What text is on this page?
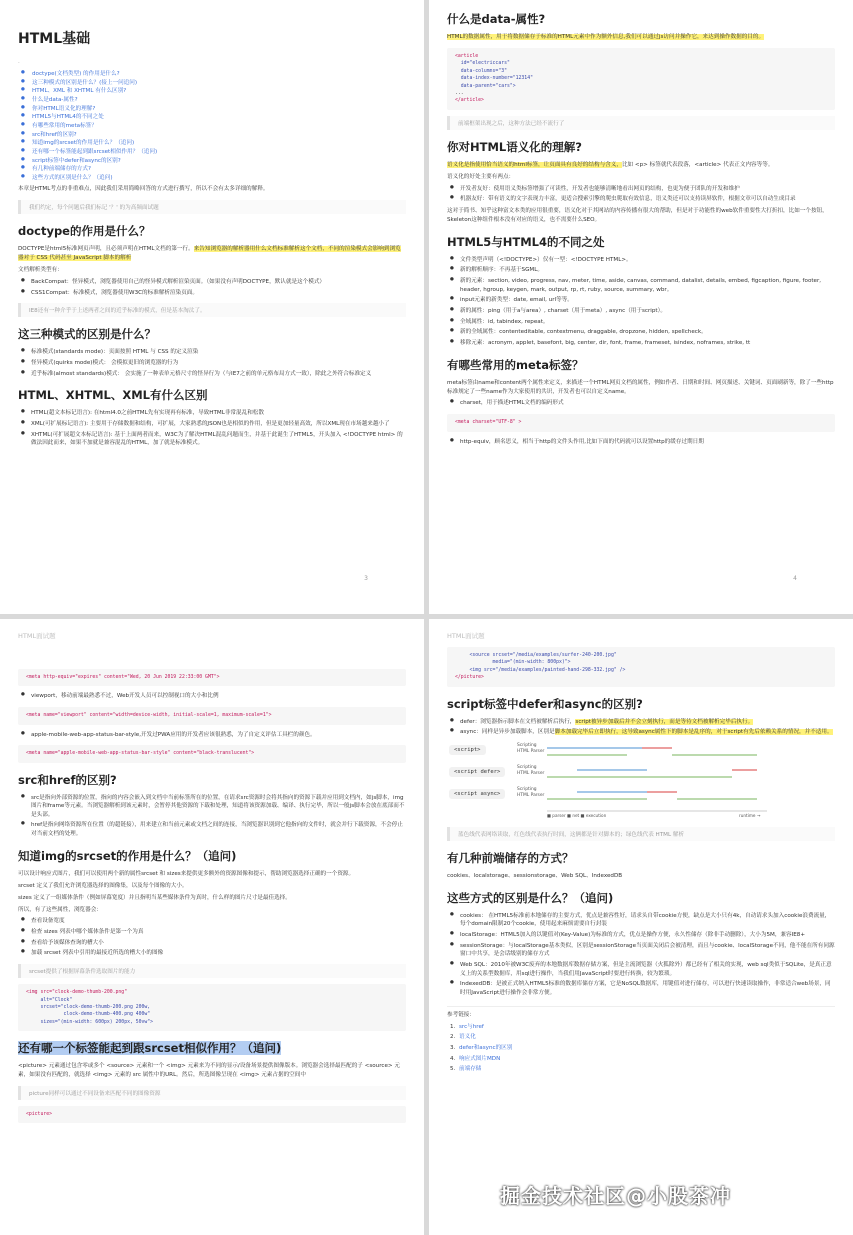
HTML基础

.

● doctype(文档类型) 的作用是什么?
● 这三种模式的区别是什么？(接上一问追问)
● HTML、XML 和 XHTML 有什么区别?
● 什么是data-属性?
● 你对HTML语义化的理解?
● HTML5与HTML4的不同之处
● 有哪些常用的meta标签？
● src和href的区别?
● 知道img的srcset的作用是什么？（追问)
● 还有哪一个标签能起到跟srcset相似作用？（追问)
● script标签中defer和async的区别?
● 有几种前端储存的方式?
● 这些方式的区别是什么？（追问)

本章是HTML考点的非重难点，因此我们采用简略回答的方式进行撰写，所以不会有太多详细的解释。

我们约定，每个问题后我们标记 '？' 的为高频面试题
doctype的作用是什么？

DOCTYPE是html5标准网页声明，且必须声明在HTML文档的第一行。来告知浏览器的解析器用什么文档标准解析这个文档，不同的渲染模式会影响到浏览器对于 CSS 代码甚至 JavaScript 脚本的解析

文档解析类型有：

● BackCompat：怪异模式，浏览器使用自己的怪异模式解析渲染页面。（如果没有声明DOCTYPE，默认就是这个模式）
● CSS1Compat：标准模式，浏览器使用W3C的标准解析渲染页面。
IE8还有一种介乎于上述两者之间的近乎标准的模式，但是基本淘汰了。
这三种模式的区别是什么？
● 标准模式(standards mode)：页面按照 HTML 与 CSS 的定义渲染
● 怪异模式(quirks mode)模式： 会模拟更旧的浏览器的行为
● 近乎标准(almost standards)模式： 会实施了一种表单元格尺寸的怪异行为（与IE7之前的单元格布局方式一致），除此之外符合标准定义
HTML、XHTML、XML有什么区别
● HTML(超文本标记语言): 在html4.0之前HTML先有实现再有标准，导致HTML非常混乱和松散
● XML(可扩展标记语言): 主要用于存储数据和结构，可扩展，大家熟悉的JSON也是相似的作用，但是更加轻量高效，所以XML现在市场越来越小了
● XHTML(可扩展超文本标记语言): 基于上面两者而来，W3C为了解决HTML混乱问题而生，并基于此诞生了HTML5，开头加入 <!DOCTYPE html> 的做法因此而来，如果不加就是兼容混乱的HTML，加了就是标准模式。
3
什么是data-属性?

HTML的数据属性，用于将数据储存于标准的HTML元素中作为额外信息,我们可以通过js访问并操作它，来达到操作数据的目的。

<article
id="electriccars"
data-columns="3"
data-index-number="12314"
data-parent="cars">
...
</article>
前端框架出现之后，这种方法已经不流行了
你对HTML语义化的理解?

语义化是指使用恰当语义的html标签，让页面具有良好的结构与含义，比如 <p> 标签就代表段落，<article> 代表正文内容等等。

语义化的好处主要有两点：

● 开发者友好：使用语义类标签增强了可读性，开发者也能够清晰地看出网页的结构，也更为便于团队的开发和维护
● 机器友好：带有语义的文字表现力丰富，更适合搜索引擎的爬虫爬取有效信息，语义类还可以支持读屏软件，根据文章可以自动生成目录

这对于简书、知乎这种富文本类的应用很重要，语义化对于其网站的内容传播有很大的帮助，但是对于功能性的web软件重要性大打折扣，比如一个按钮，Skeleton这种组件根本没有对应的语义，也不需要什么SEO。

HTML5与HTML4的不同之处
● 文件类型声明（<!DOCTYPE>）仅有一型：<!DOCTYPE HTML>。
● 新的解析顺序：不再基于SGML。
● 新的元素：section, video, progress, nav, meter, time, aside, canvas, command, datalist, details, embed, figcaption, figure, footer, header, hgroup, keygen, mark, output, rp, rt, ruby, source, summary, wbr。
● input元素的新类型：date, email, url等等。
● 新的属性：ping（用于a与area）, charset（用于meta）, async（用于script）。
● 全域属性：id, tabindex, repeat。
● 新的全域属性：contenteditable, contextmenu, draggable, dropzone, hidden, spellcheck。
● 移除元素：acronym, applet, basefont, big, center, dir, font, frame, frameset, isindex, noframes, strike, tt
有哪些常用的meta标签？

meta标签由name和content两个属性来定义，来描述一个HTML网页文档的属性，例如作者、日期和时间、网页描述、关键词、页面刷新等，除了一些http标准规定了一些name作为大家使用的共识，开发者也可以自定义name。

● charset，用于描述HTML文档的编码形式
<meta charset="UTF-8" >
● http-equiv，顾名思义，相当于http的文件头作用,比如下面的代码就可以设置http的缓存过期日期
4
HTML面试题
<meta http-equiv="expires" content="Wed, 20 Jun 2019 22:33:00 GMT">
● viewport，移动前端最熟悉不过，Web开发人员可以控制视口的大小和比例
<meta name="viewport" content="width=device-width, initial-scale=1, maximum-scale=1">
● apple-mobile-web-app-status-bar-style,开发过PWA应用的开发者应该很熟悉，为了自定义评估工具栏的颜色。
<meta name="apple-mobile-web-app-status-bar-style" content="black-translucent">
src和href的区别?
● src是指向外部资源的位置，指向的内容会嵌入到文档中当前标签所在的位置，在请求src资源时会将其指向的资源下载并应用到文档内，如js脚本，img图片和frame等元素。当浏览器解析到该元素时，会暂停其他资源的下载和处理，知道将该资源加载、编译、执行完毕，所以一般js脚本会放在底部而不是头部。
● href是指向网络资源所在位置（的超链接），用来建立和当前元素或文档之间的连接，当浏览器识别到它他指向的文件时，就会并行下载资源，不会停止对当前文档的处理。
知道img的srcset的作用是什么？（追问)

可以设计响应式图片，我们可以使用两个新的属性srcset 和 sizes来提供更多额外的资源图像和提示，帮助浏览器选择正确的一个资源。

srcset 定义了我们允许浏览器选择的图像集，以及每个图像的大小。

sizes 定义了一组媒体条件（例如屏幕宽度）并且指明当某些媒体条件为真时，什么样的图片尺寸是最佳选择。

所以，有了这些属性，浏览器会：

● 查看设备宽度
● 检查 sizes 列表中哪个媒体条件是第一个为真
● 查看给予该媒体查询的槽大小
● 加载 srcset 列表中引用的最接近所选的槽大小的图像
srcset提供了根据屏幕条件选取图片的能力
<img src="clock-demo-thumb-200.png"
alt="Clock"
srcset="clock-demo-thumb-200.png 200w,
clock-demo-thumb-400.png 400w"
sizes="(min-width: 600px) 200px, 50vw">
还有哪一个标签能起到跟srcset相似作用？（追问)

<picture> 元素通过包含零或多个 <source> 元素和一个 <img> 元素来为不同的显示/设备场景提供图像版本。浏览器会选择最匹配的子 <source> 元素，如果没有匹配的，就选择 <img> 元素的 src 属性中的URL。然后，所选图像呈现在 <img> 元素占据的空间中

picture同样可以通过不同设备来匹配不同的图像资源
<picture>
HTML面试题
<source srcset="/media/examples/surfer-240-200.jpg"
media="(min-width: 800px)">
<img src="/media/examples/painted-hand-298-332.jpg" />
</picture>
script标签中defer和async的区别?
● defer：浏览器指示脚本在文档被解析后执行，script被异步加载后并不会立刻执行，而是等待文档被解析完毕后执行。
● async：同样是异步加载脚本，区别是脚本加载完毕后立即执行，这导致async属性下的脚本是乱序的，对于script有先后依赖关系的情况，并不适用。
<script>
<script defer>
<script async>
Scripting
HTML Parser
Scripting
HTML Parser
Scripting
HTML Parser
■ parser ■ net ■ execution	runtime →
蓝色线代表网络读取，红色线代表执行时间，这俩都是针对脚本的；绿色线代表 HTML 解析
有几种前端储存的方式？

cookies、localstorage、sessionstorage、Web SQL、IndexedDB

这些方式的区别是什么？（追问)
● cookies： 在HTML5标准前本地储存的主要方式，优点是兼容性好，请求头自带cookie方便，缺点是大小只有4k，自动请求头加入cookie浪费流量，每个domain限制20个cookie，使用起来麻烦需要自行封装
● localStorage：HTML5加入的以键值对(Key-Value)为标准的方式，优点是操作方便，永久性储存（除非手动删除），大小为5M，兼容IE8+
● sessionStorage：与localStorage基本类似，区别是sessionStorage当页面关闭后会被清理，而且与cookie、localStorage不同，他不能在所有同源窗口中共享，是会话级别的储存方式
● Web SQL：2010年被W3C废弃的本地数据库数据存储方案，但是主流浏览器（火狐除外）都已经有了相关的实现，web sql类似于SQLite，是真正意义上的关系型数据库，用sql进行操作，当我们用JavaScript时要进行转换，较为繁琐。
● IndexedDB：是被正式纳入HTML5标准的数据库储存方案，它是NoSQL数据库，用键值对进行储存，可以进行快速读取操作，非常适合web场景，同时用JavaScript进行操作会非常方便。

参考链接：

1. src与href
2. 语义化
3. defer和async的区别
4. 响应式图片MDN
5. 前端存储
掘金技术社区@小股茶冲
